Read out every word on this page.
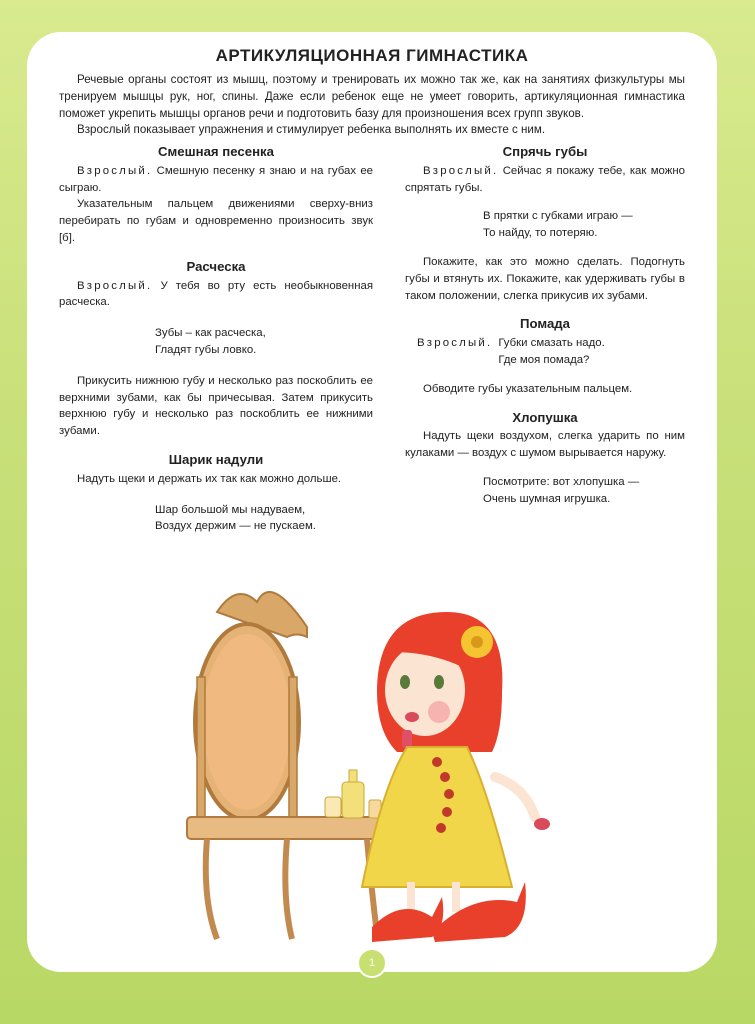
АРТИКУЛЯЦИОННАЯ ГИМНАСТИКА

Речевые органы состоят из мышц, поэтому и тренировать их можно так же, как на занятиях физкультуры мы тренируем мышцы рук, ног, спины. Даже если ребенок еще не умеет говорить, артикуляционная гимнастика поможет укрепить мышцы органов речи и подготовить базу для произношения всех групп звуков.

Взрослый показывает упражнения и стимулирует ребенка выполнять их вместе с ним.

Смешная песенка

Взрослый. Смешную песенку я знаю и на губах ее сыграю.

Указательным пальцем движениями сверху-вниз перебирать по губам и одновременно произносить звук [б].

Расческа

Взрослый. У тебя во рту есть необыкновенная расческа.

Зубы – как расческа,
Гладят губы ловко.

Прикусить нижнюю губу и несколько раз поскоблить ее верхними зубами, как бы причесывая. Затем прикусить верхнюю губу и несколько раз поскоблить ее нижними зубами.

Шарик надули

Надуть щеки и держать их так как можно дольше.

Шар большой мы надуваем,
Воздух держим — не пускаем.
Спрячь губы

Взрослый. Сейчас я покажу тебе, как можно спрятать губы.

В прятки с губками играю —
То найду, то потеряю.

Покажите, как это можно сделать. Подогнуть губы и втянуть их. Покажите, как удерживать губы в таком положении, слегка прикусив их зубами.

Помада
Взрослый. Губки смазать надо.
Где моя помада?

Обводите губы указательным пальцем.

Хлопушка

Надуть щеки воздухом, слегка ударить по ним кулаками — воздух с шумом вырывается наружу.

Посмотрите: вот хлопушка —
Очень шумная игрушка.
1
